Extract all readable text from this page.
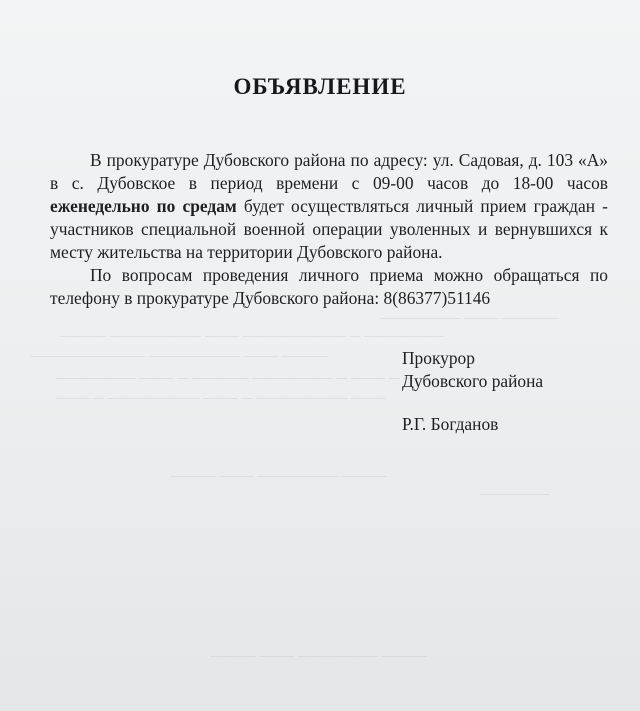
————— ——— ———————
——————— — ————————— ——— ———————— ————
———— ——— ———————— ——————————
——— — ——— — ——————— ————— — ——— ———————
——— ———————— — ——— ———————— — ———
———— ——————— ——— ————
——————
———— ——————— ——— ————
ОБЪЯВЛЕНИЕ

В прокуратуре Дубовского района по адресу: ул. Садовая, д. 103 «А» в с. Дубовское в период времени с 09-00 часов до 18-00 часов еженедельно по средам будет осуществляться личный прием граждан - участников специальной военной операции уволенных и вернувшихся к месту жительства на территории Дубовского района.

По вопросам проведения личного приема можно обращаться по телефону в прокуратуре Дубовского района: 8(86377)51146

Прокурор
Дубовского района
Р.Г. Богданов
